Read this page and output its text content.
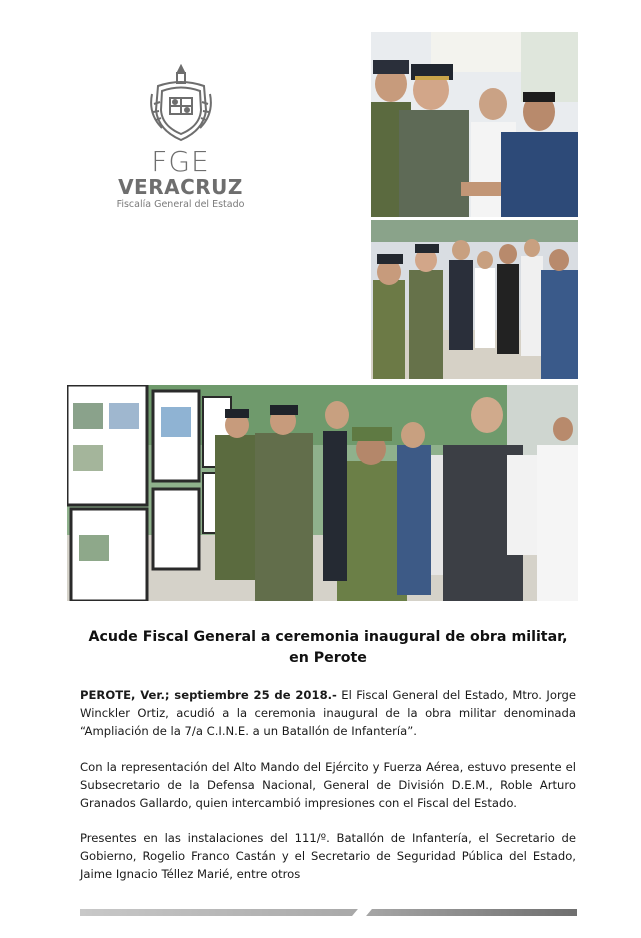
FGE
VERACRUZ
Fiscalía General del Estado
Acude Fiscal General a ceremonia inaugural de obra militar,
en Perote

PEROTE, Ver.; septiembre 25 de 2018.- El Fiscal General del Estado, Mtro. Jorge Winckler Ortiz, acudió a la ceremonia inaugural de la obra militar denominada “Ampliación de la 7/a C.I.N.E. a un Batallón de Infantería”.

Con la representación del Alto Mando del Ejército y Fuerza Aérea, estuvo presente el Subsecretario de la Defensa Nacional, General de División D.E.M., Roble Arturo Granados Gallardo, quien intercambió impresiones con el Fiscal del Estado.

Presentes en las instalaciones del 111/º. Batallón de Infantería, el Secretario de Gobierno, Rogelio Franco Castán y el Secretario de Seguridad Pública del Estado, Jaime Ignacio Téllez Marié, entre otros
